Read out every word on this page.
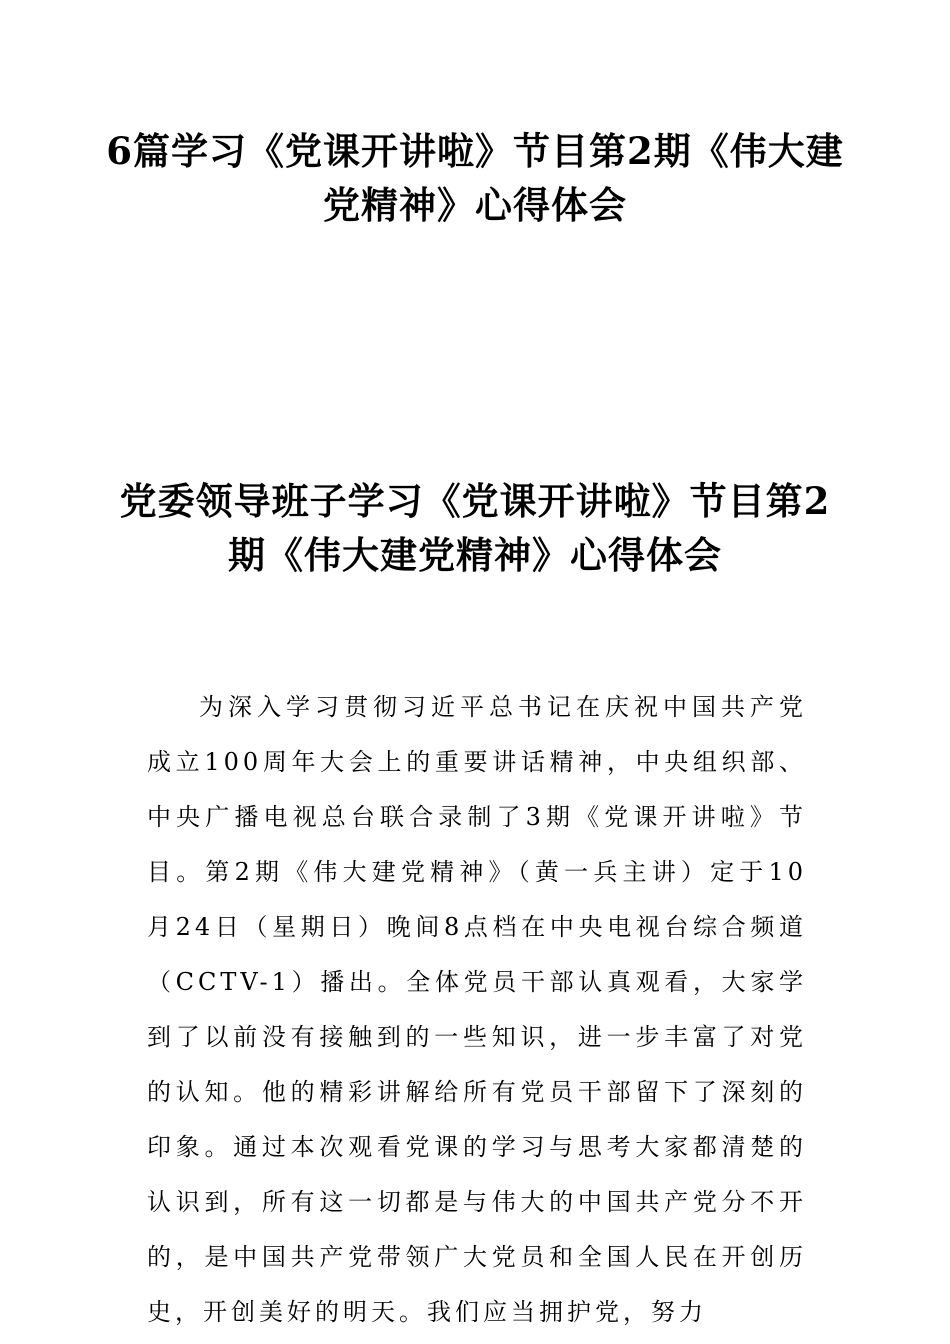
6篇学习《党课开讲啦》节目第2期《伟大建党精神》心得体会
党委领导班子学习《党课开讲啦》节目第2期《伟大建党精神》心得体会

为深入学习贯彻习近平总书记在庆祝中国共产党成立100周年大会上的重要讲话精神，中央组织部、中央广播电视总台联合录制了3期《党课开讲啦》节目。第2期《伟大建党精神》（黄一兵主讲）定于10月24日（星期日）晚间8点档在中央电视台综合频道（CCTV-1）播出。全体党员干部认真观看，大家学到了以前没有接触到的一些知识，进一步丰富了对党的认知。他的精彩讲解给所有党员干部留下了深刻的印象。通过本次观看党课的学习与思考大家都清楚的认识到，所有这一切都是与伟大的中国共产党分不开的，是中国共产党带领广大党员和全国人民在开创历史，开创美好的明天。我们应当拥护党，努力
